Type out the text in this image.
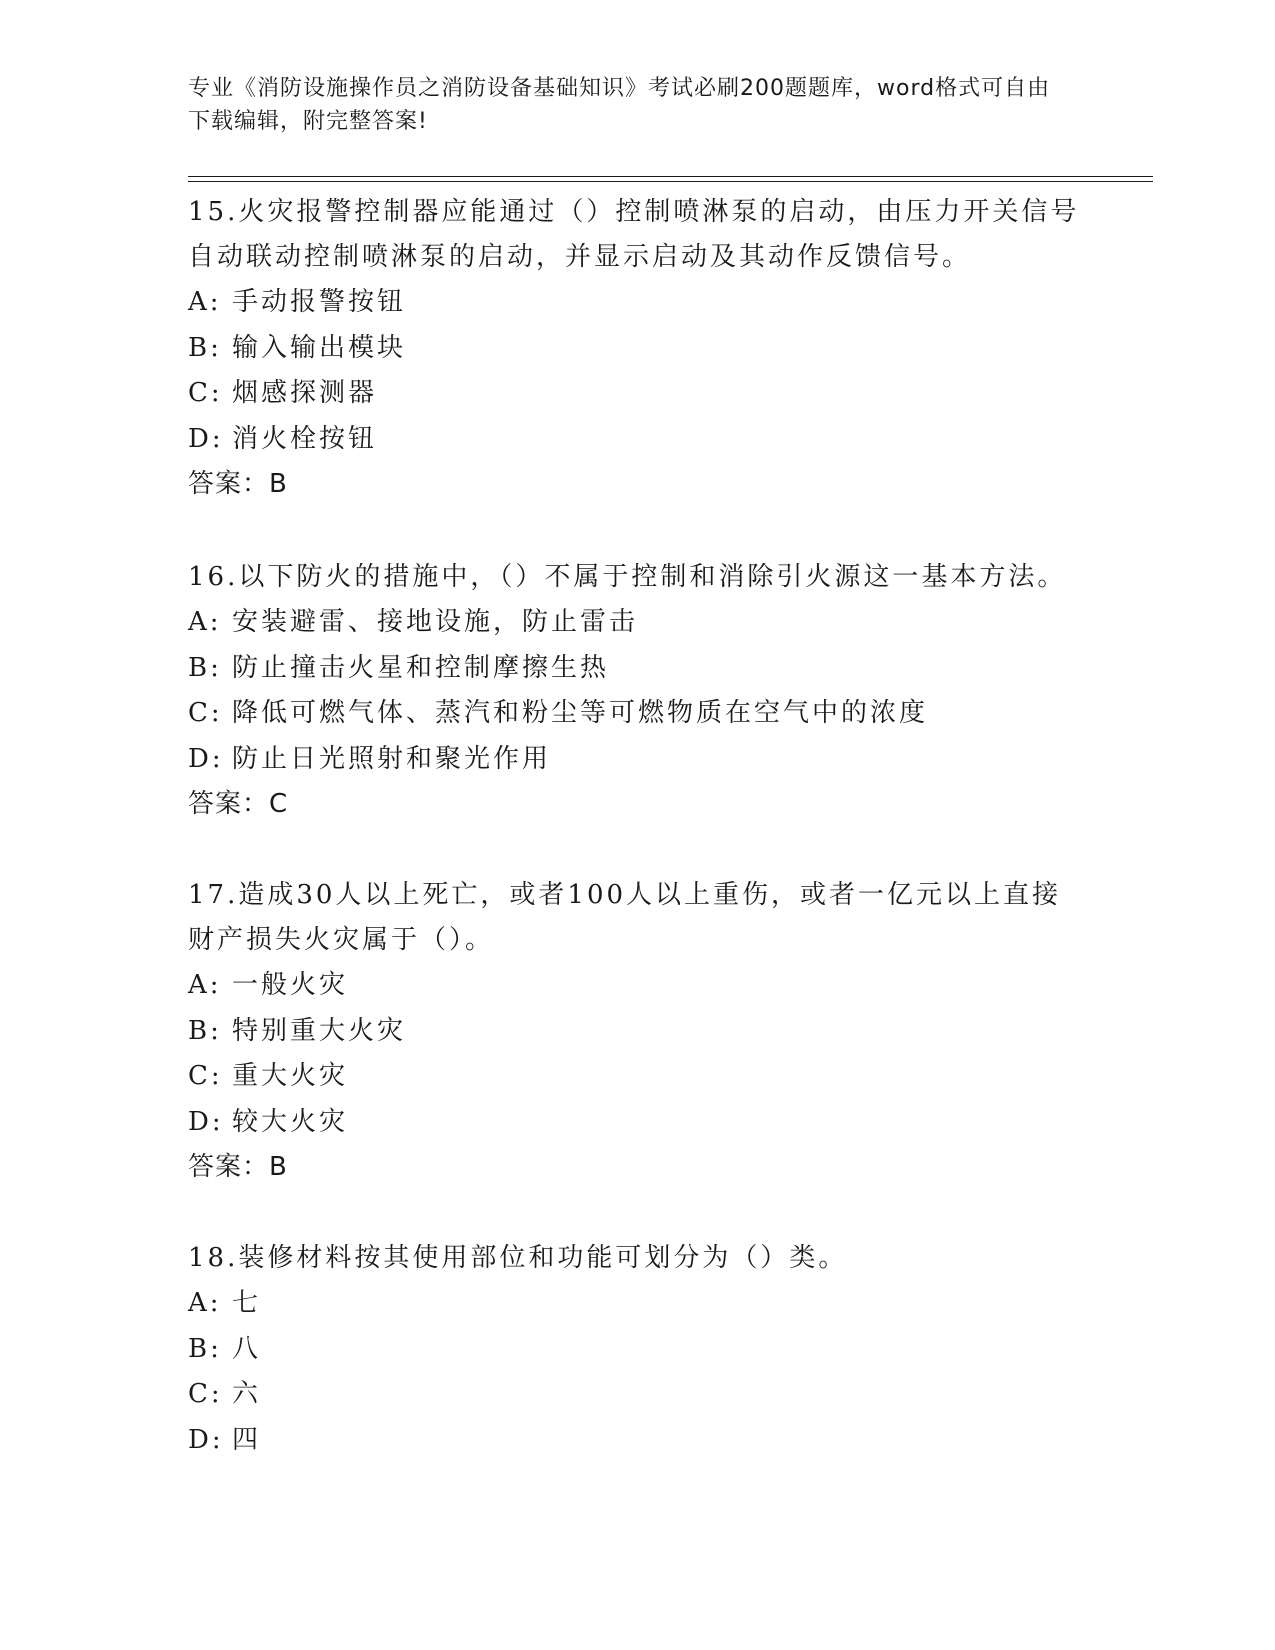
专业《消防设施操作员之消防设备基础知识》考试必刷200题题库，word格式可自由下载编辑，附完整答案!

15.火灾报警控制器应能通过（）控制喷淋泵的启动，由压力开关信号自动联动控制喷淋泵的启动，并显示启动及其动作反馈信号。

A: 手动报警按钮

B: 输入输出模块

C: 烟感探测器

D: 消火栓按钮

答案：B

16.以下防火的措施中，（）不属于控制和消除引火源这一基本方法。

A: 安装避雷、接地设施，防止雷击

B: 防止撞击火星和控制摩擦生热

C: 降低可燃气体、蒸汽和粉尘等可燃物质在空气中的浓度

D: 防止日光照射和聚光作用

答案：C

17.造成30人以上死亡，或者100人以上重伤，或者一亿元以上直接财产损失火灾属于（）。

A: 一般火灾

B: 特别重大火灾

C: 重大火灾

D: 较大火灾

答案：B

18.装修材料按其使用部位和功能可划分为（）类。

A: 七

B: 八

C: 六

D: 四
